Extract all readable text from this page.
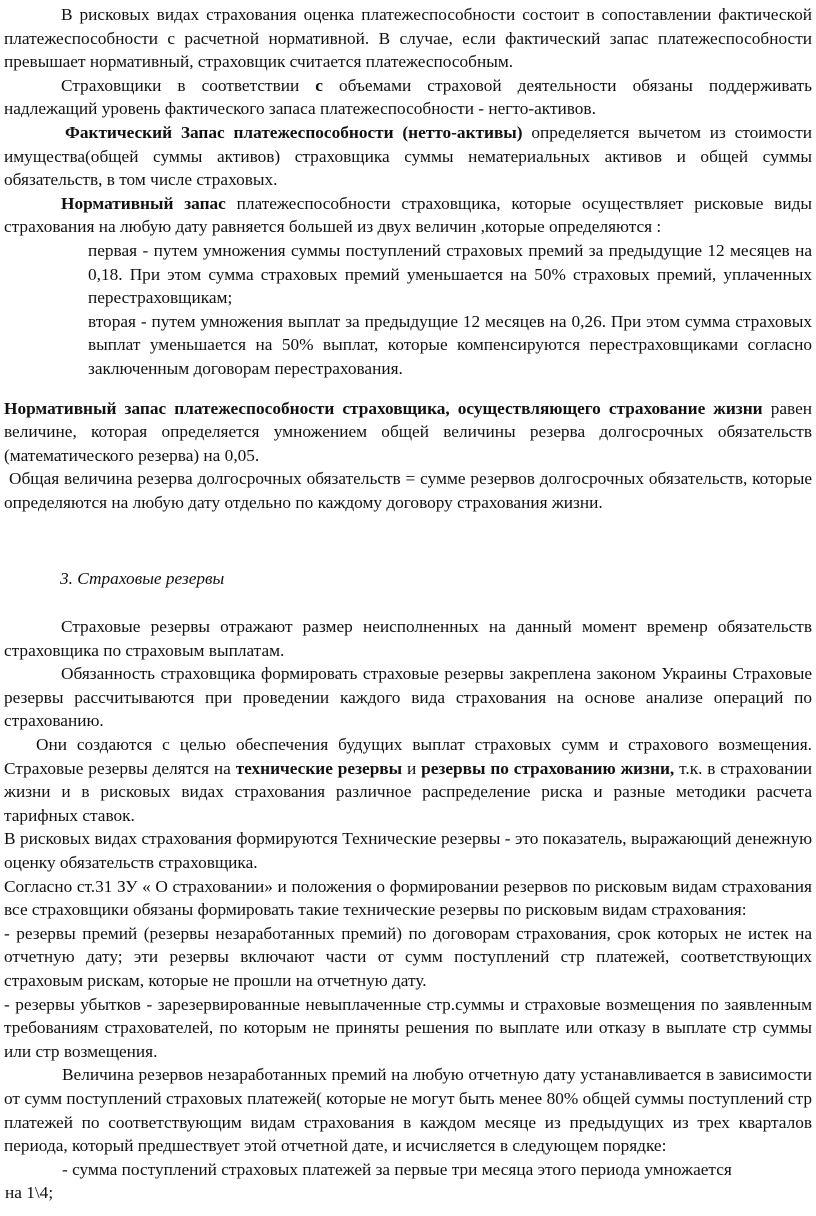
В рисковых видах страхования оценка платежеспособности состоит в сопоставлении фактической платежеспособности с расчетной нормативной. В случае, если фактический запас платежеспособности превышает нормативный, страховщик считается платежеспособным.

Страховщики в соответствии с объемами страховой деятельности обязаны поддерживать надлежащий уровень фактического запаса платежеспособности - негто-активов.

Фактический Запас платежеспособности (нетто-активы) определяется вычетом из стоимости имущества(общей суммы активов) страховщика суммы нематериальных активов и общей суммы обязательств, в том числе страховых.

Нормативный запас платежеспособности страховщика, которые осуществляет рисковые виды страхования на любую дату равняется большей из двух величин ,которые определяются :

первая - путем умножения суммы поступлений страховых премий за предыдущие 12 месяцев на 0,18. При этом сумма страховых премий уменьшается на 50% страховых премий, уплаченных перестраховщикам;

вторая - путем умножения выплат за предыдущие 12 месяцев на 0,26. При этом сумма страховых выплат уменьшается на 50% выплат, которые компенсируются перестраховщиками согласно заключенным договорам перестрахования.

Нормативный запас платежеспособности страховщика, осуществляющего страхование жизни равен величине, которая определяется умножением общей величины резерва долгосрочных обязательств (математического резерва) на 0,05.

Общая величина резерва долгосрочных обязательств = сумме резервов долгосрочных обязательств, которые определяются на любую дату отдельно по каждому договору страхования жизни.

3. Страховые резервы

Страховые резервы отражают размер неисполненных на данный момент временр обязательств страховщика по страховым выплатам.

Обязанность страховщика формировать страховые резервы закреплена законом Украины Страховые резервы рассчитываются при проведении каждого вида страхования на основе анализе операций по страхованию.

Они создаются с целью обеспечения будущих выплат страховых сумм и страхового возмещения. Страховые резервы делятся на технические резервы и резервы по страхованию жизни, т.к. в страховании жизни и в рисковых видах страхования различное распределение риска и разные методики расчета тарифных ставок.

В рисковых видах страхования формируются Технические резервы - это показатель, выражающий денежную оценку обязательств страховщика.

Согласно ст.31 ЗУ « О страховании» и положения о формировании резервов по рисковым видам страхования все страховщики обязаны формировать такие технические резервы по рисковым видам страхования:

- резервы премий (резервы незаработанных премий) по договорам страхования, срок которых не истек на отчетную дату; эти резервы включают части от сумм поступлений стр платежей, соответствующих страховым рискам, которые не прошли на отчетную дату.

- резервы убытков - зарезервированные невыплаченные стр.суммы и страховые возмещения по заявленным требованиям страхователей, по которым не приняты решения по выплате или отказу в выплате стр суммы или стр возмещения.

Величина резервов незаработанных премий на любую отчетную дату устанавливается в зависимости от сумм поступлений страховых платежей( которые не могут быть менее 80% общей суммы поступлений стр платежей по соответствующим видам страхования в каждом месяце из предыдущих из трех кварталов периода, который предшествует этой отчетной дате, и исчисляется в следующем порядке:

- сумма поступлений страховых платежей за первые три месяца этого периода умножается

на 1\4;
